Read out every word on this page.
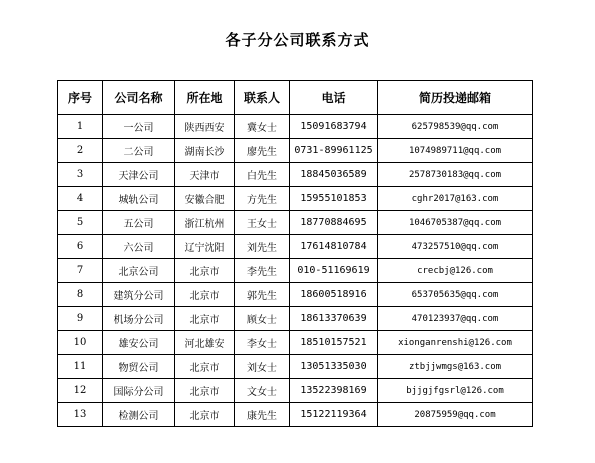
各子分公司联系方式
序号	公司名称	所在地	联系人	电话	简历投递邮箱
1	一公司	陕西西安	冀女士	15091683794	625798539@qq.com
2	二公司	湖南长沙	廖先生	0731-89961125	1074989711@qq.com
3	天津公司	天津市	白先生	18845036589	2578730183@qq.com
4	城轨公司	安徽合肥	方先生	15955101853	cghr2017@163.com
5	五公司	浙江杭州	王女士	18770884695	1046705387@qq.com
6	六公司	辽宁沈阳	刘先生	17614810784	473257510@qq.com
7	北京公司	北京市	李先生	010-51169619	crecbj@126.com
8	建筑分公司	北京市	郭先生	18600518916	653705635@qq.com
9	机场分公司	北京市	顾女士	18613370639	470123937@qq.com
10	雄安公司	河北雄安	李女士	18510157521	xionganrenshi@126.com
11	物贸公司	北京市	刘女士	13051335030	ztbjjwmgs@163.com
12	国际分公司	北京市	文女士	13522398169	bjjgjfgsrl@126.com
13	检测公司	北京市	康先生	15122119364	20875959@qq.com
